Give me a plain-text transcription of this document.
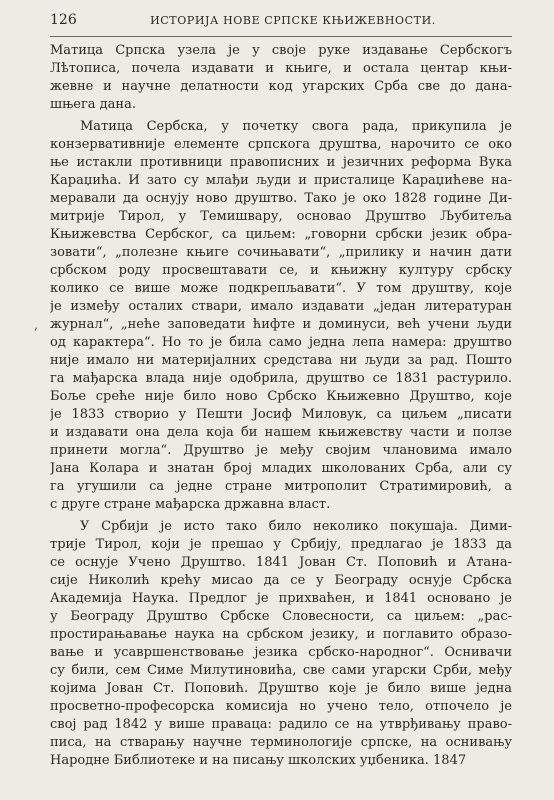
126	ИСТОРИЈА НОВЕ СРПСКЕ КЊИЖЕВНОСТИ.
,
Матица Српска узела је у своје руке издавање Сербскогъ
Лѣтописа, почела издавати и књиге, и остала центар књи-
жевне и научне делатности код угарских Срба све до дана-
шњега дана.
Матица Сербска, у почетку свога рада, прикупила је
конзервативније елементе српскога друштва, нарочито се око
ње истакли противници правописних и језичних реформа Вука
Караџића. И зато су млађи људи и присталице Караџићеве на-
меравали да оснују ново друштво. Тако је око 1828 године Ди-
митрије Тирол, у Темишвару, основао Друштво Љубитеља
Књижевства Сербског, са циљем: „говорни србски језик обра-
зовати“, „полезне књиге сочињавати“, „прилику и начин дати
србском роду просвештавати се, и књижну културу србску
колико се више може подкрепљавати“. У том друштву, које
је између осталих ствари, имало издавати „један литературан
журнал“, „неће заповедати ћифте и доминуси, већ учени људи
од карактера“. Но то је била само једна лепа намера: друштво
није имало ни материјалних средстава ни људи за рад. Пошто
га мађарска влада није одобрила, друштво се 1831 растурило.
Боље среће није било ново Србско Књижевно Друштво, које
је 1833 створио у Пешти Јосиф Миловук, са циљем „писати
и издавати она дела која би нашем књижевству части и ползе
принети могла“. Друштво је међу својим члановима имало
Јана Колара и знатан број младих школованих Срба, али су
га угушили са једне стране митрополит Стратимировић, а
с друге стране мађарска државна власт.
У Србији је исто тако било неколико покушаја. Дими-
трије Тирол, који је прешао у Србију, предлагао је 1833 да
се оснује Учено Друштво. 1841 Јован Ст. Поповић и Атана-
сије Николић крећу мисао да се у Београду оснује Србска
Академија Наука. Предлог је прихваћен, и 1841 основано је
у Београду Друштво Србске Словесности, са циљем: „рас-
простирањавање наука на србском језику, и поглавито образо-
вање и усавршенствовање језика србско-народног“. Оснивачи
су били, сем Симе Милутиновића, све сами угарски Срби, међу
којима Јован Ст. Поповић. Друштво које је било више једна
просветно-професорска комисија но учено тело, отпочело је
свој рад 1842 у више праваца: радило се на утврђивању право-
писа, на стварању научне терминологије српске, на оснивању
Народне Библиотеке и на писању школских уџбеника. 1847
